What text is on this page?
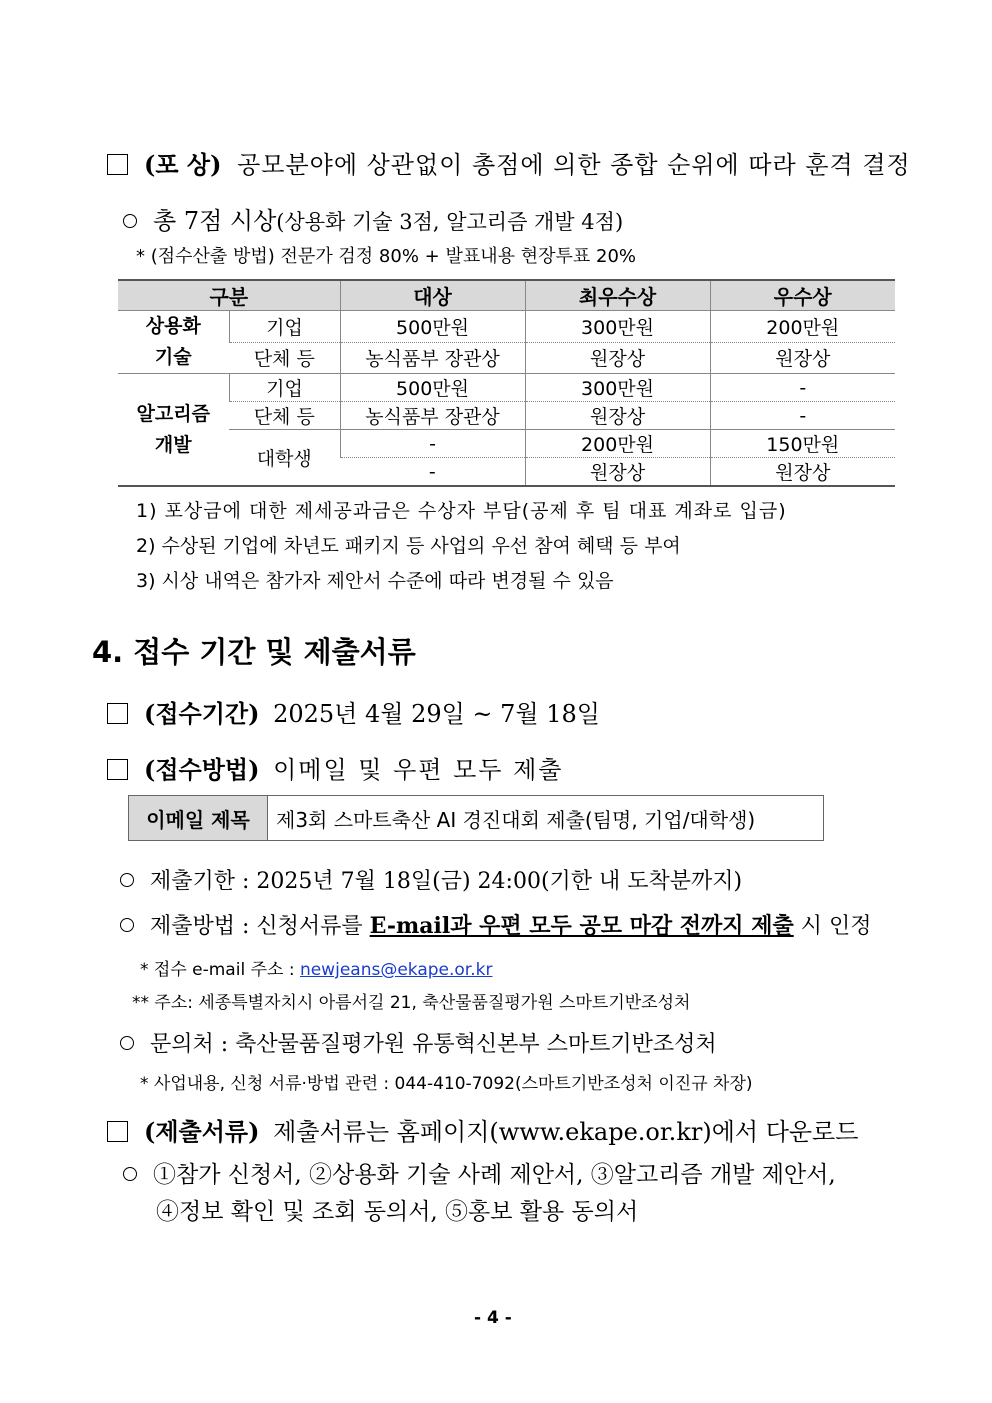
(포 상) 공모분야에 상관없이 총점에 의한 종합 순위에 따라 훈격 결정
총 7점 시상(상용화 기술 3점, 알고리즘 개발 4점)
* (점수산출 방법) 전문가 검정 80% + 발표내용 현장투표 20%
구분		대상	최우수상	우수상

상용화
기술	기업	500만원	300만원	200만원
	단체 등	농식품부 장관상	원장상	원장상

알고리즘
개발	기업	500만원	300만원	-
	단체 등	농식품부 장관상	원장상	-
	대학생	-	200만원	150만원
		-	원장상	원장상
1) 포상금에 대한 제세공과금은 수상자 부담(공제 후 팀 대표 계좌로 입금)
2) 수상된 기업에 차년도 패키지 등 사업의 우선 참여 혜택 등 부여
3) 시상 내역은 참가자 제안서 수준에 따라 변경될 수 있음
4. 접수 기간 및 제출서류
(접수기간) 2025년 4월 29일 ~ 7월 18일
(접수방법) 이메일 및 우편 모두 제출
이메일 제목	제3회 스마트축산 AI 경진대회 제출(팀명, 기업/대학생)
제출기한 : 2025년 7월 18일(금) 24:00(기한 내 도착분까지)
제출방법 : 신청서류를 E-mail과 우편 모두 공모 마감 전까지 제출 시 인정
* 접수 e-mail 주소 : newjeans@ekape.or.kr
** 주소: 세종특별자치시 아름서길 21, 축산물품질평가원 스마트기반조성처
문의처 : 축산물품질평가원 유통혁신본부 스마트기반조성처
* 사업내용, 신청 서류·방법 관련 : 044-410-7092(스마트기반조성처 이진규 차장)
(제출서류) 제출서류는 홈페이지(www.ekape.or.kr)에서 다운로드
①참가 신청서, ②상용화 기술 사례 제안서, ③알고리즘 개발 제안서,
④정보 확인 및 조회 동의서, ⑤홍보 활용 동의서
- 4 -
